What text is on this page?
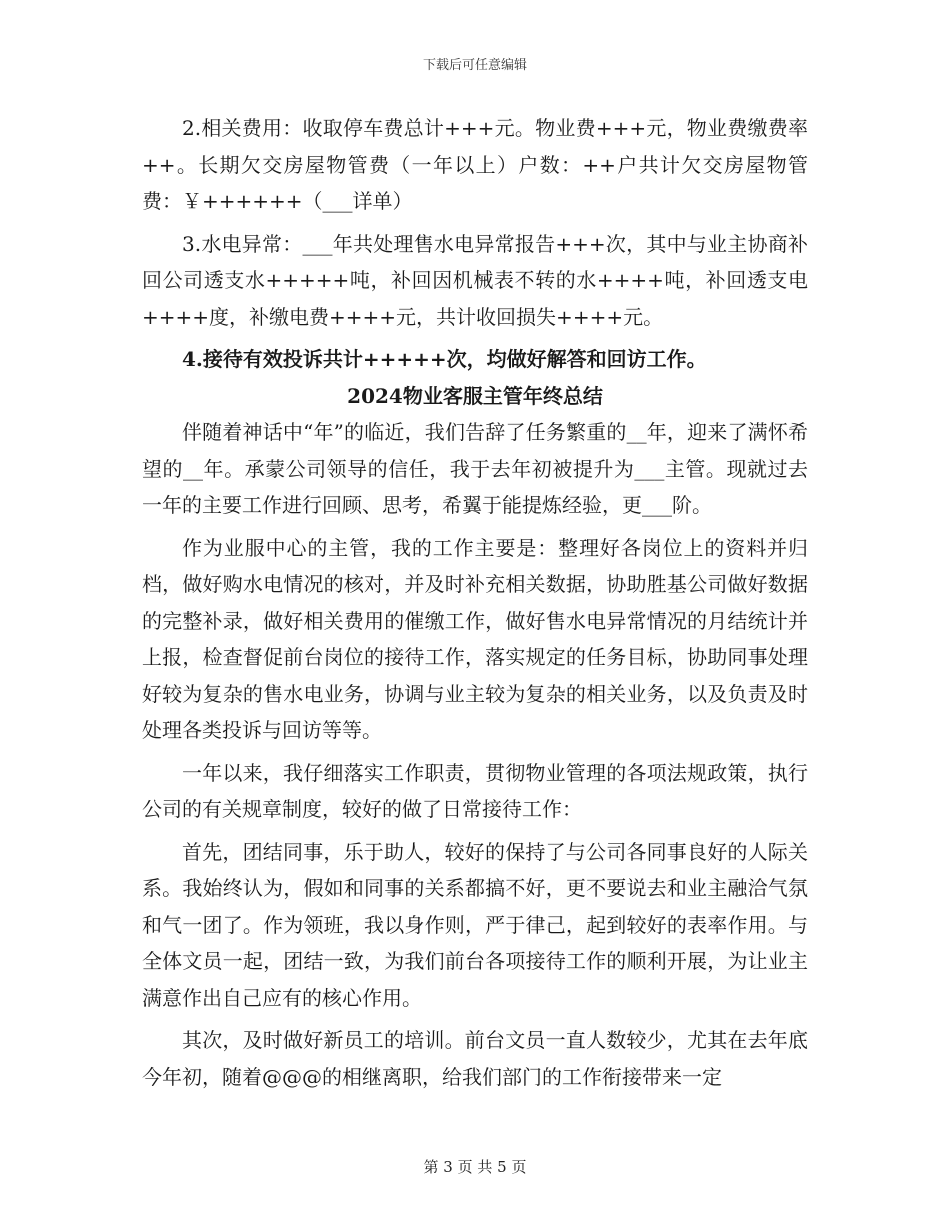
下载后可任意编辑

2.相关费用：收取停车费总计+++元。物业费+++元，物业费缴费率++。长期欠交房屋物管费（一年以上）户数：++户共计欠交房屋物管费：￥++++++（___详单）

3.水电异常：___年共处理售水电异常报告+++次，其中与业主协商补回公司透支水+++++吨，补回因机械表不转的水++++吨，补回透支电++++度，补缴电费++++元，共计收回损失++++元。

4.接待有效投诉共计+++++次，均做好解答和回访工作。

2024物业客服主管年终总结

伴随着神话中“年”的临近，我们告辞了任务繁重的__年，迎来了满怀希望的__年。承蒙公司领导的信任，我于去年初被提升为___主管。现就过去一年的主要工作进行回顾、思考，希翼于能提炼经验，更___阶。

作为业服中心的主管，我的工作主要是：整理好各岗位上的资料并归档，做好购水电情况的核对，并及时补充相关数据，协助胜基公司做好数据的完整补录，做好相关费用的催缴工作，做好售水电异常情况的月结统计并上报，检查督促前台岗位的接待工作，落实规定的任务目标，协助同事处理好较为复杂的售水电业务，协调与业主较为复杂的相关业务，以及负责及时处理各类投诉与回访等等。

一年以来，我仔细落实工作职责，贯彻物业管理的各项法规政策，执行公司的有关规章制度，较好的做了日常接待工作：

首先，团结同事，乐于助人，较好的保持了与公司各同事良好的人际关系。我始终认为，假如和同事的关系都搞不好，更不要说去和业主融洽气氛和气一团了。作为领班，我以身作则，严于律己，起到较好的表率作用。与全体文员一起，团结一致，为我们前台各项接待工作的顺利开展，为让业主满意作出自己应有的核心作用。

其次，及时做好新员工的培训。前台文员一直人数较少，尤其在去年底今年初，随着@@@的相继离职，给我们部门的工作衔接带来一定

第 3 页 共 5 页
